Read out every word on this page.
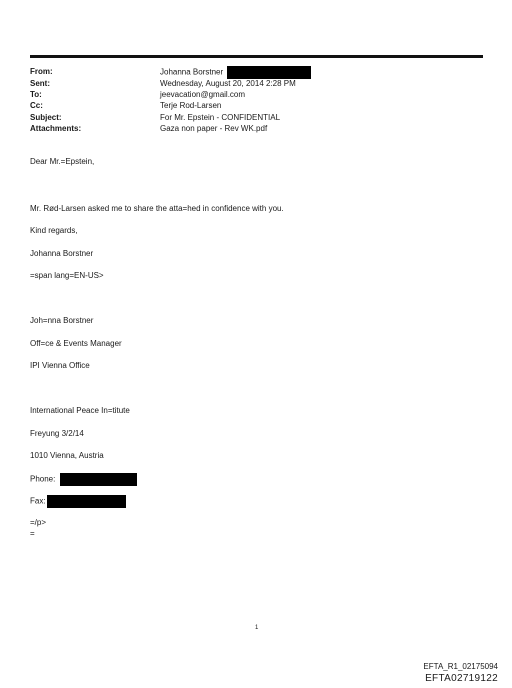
From:	Johanna Borstner
Sent:	Wednesday, August 20, 2014 2:28 PM
To:	jeevacation@gmail.com
Cc:	Terje Rod-Larsen
Subject:	For Mr. Epstein - CONFIDENTIAL
Attachments:	Gaza non paper - Rev WK.pdf
Dear Mr.=Epstein,
Mr. Rød-Larsen asked me to share the atta=hed in confidence with you.
Kind regards,
Johanna Borstner
=span lang=EN-US>
Joh=nna Borstner
Off=ce & Events Manager
IPI Vienna Office
International Peace In=titute
Freyung 3/2/14
1010 Vienna, Austria
Phone:
Fax:
=/p>
=
1
EFTA_R1_02175094
EFTA02719122
